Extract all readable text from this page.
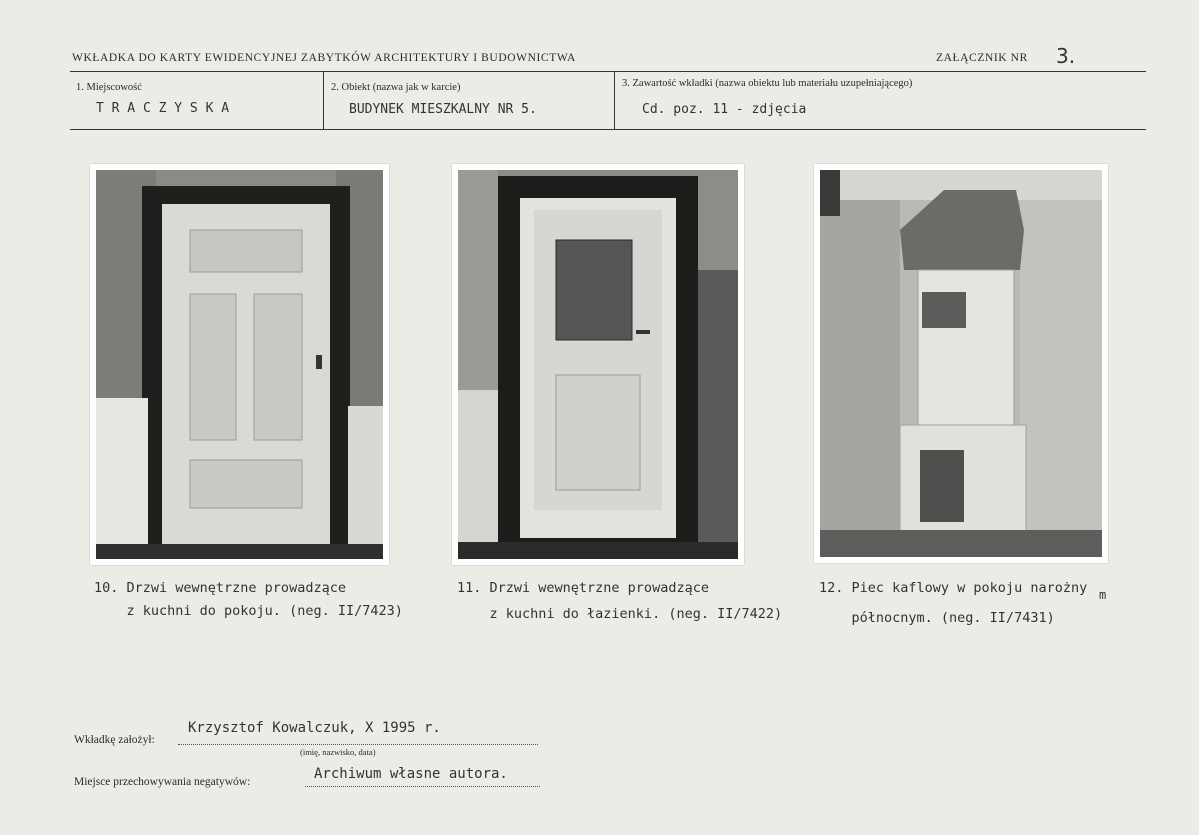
WKŁADKA DO KARTY EWIDENCYJNEJ ZABYTKÓW ARCHITEKTURY I BUDOWNICTWA	ZAŁĄCZNIK NR 3.
1. Miejscowość
T R A C Z Y S K A
2. Obiekt (nazwa jak w karcie)
BUDYNEK MIESZKALNY NR 5.
3. Zawartość wkładki (nazwa obiektu lub materiału uzupełniającego)
Cd. poz. 11 - zdjęcia
10. Drzwi wewnętrzne prowadzące
z kuchni do pokoju. (neg. II/7423)
11. Drzwi wewnętrzne prowadzące
z kuchni do łazienki. (neg. II/7422)
12. Piec kaflowy w pokoju narożny m
północnym. (neg. II/7431)
Wkładkę założył:
Krzysztof Kowalczuk, X 1995 r.
(imię, nazwisko, data)
Miejsce przechowywania negatywów:	Archiwum własne autora.
